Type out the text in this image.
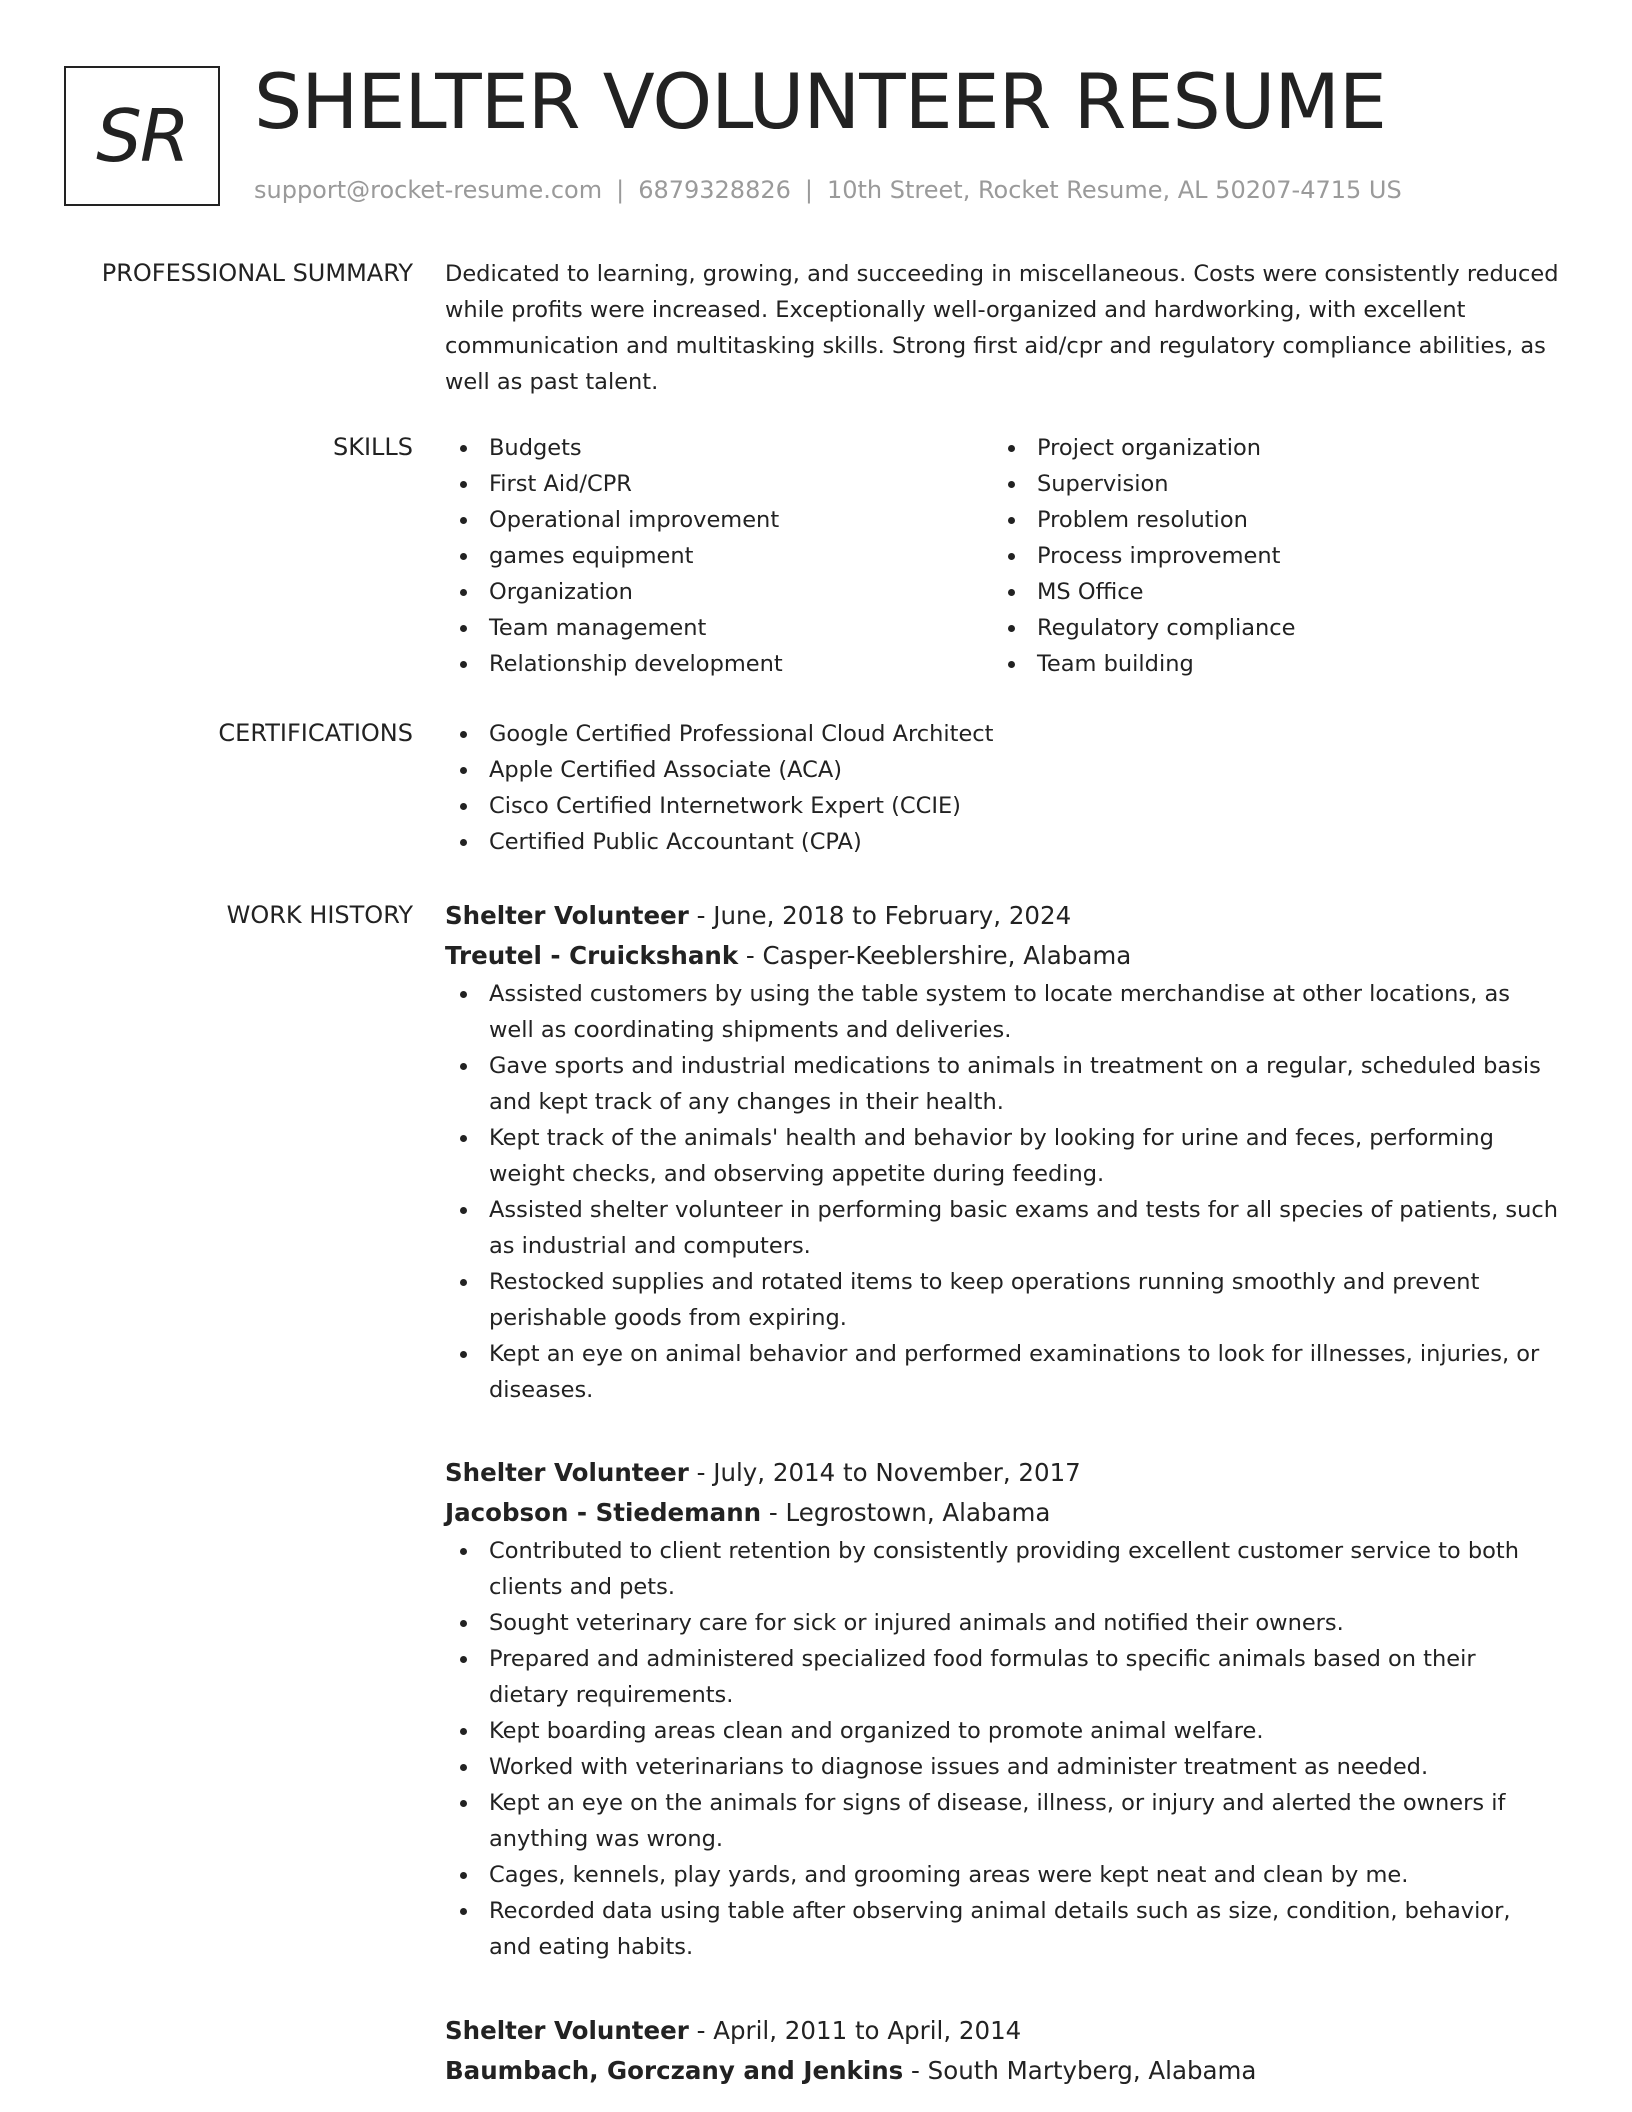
SR SHELTER VOLUNTEER RESUME
support@rocket-resume.com | 6879328826 | 10th Street, Rocket Resume, AL 50207-4715 US
PROFESSIONAL SUMMARY Dedicated to learning, growing, and succeeding in miscellaneous. Costs were consistently reduced while profits were increased. Exceptionally well-organized and hardworking, with excellent communication and multitasking skills. Strong first aid/cpr and regulatory compliance abilities, as well as past talent.

SKILLS	Budgets
First Aid/CPR
Operational improvement
games equipment
Organization
Team management
Relationship development
Project organization
Supervision
Problem resolution
Process improvement
MS Office
Regulatory compliance
Team building
CERTIFICATIONS	Google Certified Professional Cloud Architect
Apple Certified Associate (ACA)
Cisco Certified Internetwork Expert (CCIE)
Certified Public Accountant (CPA)
WORK HISTORY Shelter Volunteer - June, 2018 to February, 2024
Treutel - Cruickshank - Casper-Keeblershire, Alabama
Assisted customers by using the table system to locate merchandise at other locations, as well as coordinating shipments and deliveries.
Gave sports and industrial medications to animals in treatment on a regular, scheduled basis and kept track of any changes in their health.
Kept track of the animals' health and behavior by looking for urine and feces, performing weight checks, and observing appetite during feeding.
Assisted shelter volunteer in performing basic exams and tests for all species of patients, such as industrial and computers.
Restocked supplies and rotated items to keep operations running smoothly and prevent perishable goods from expiring.
Kept an eye on animal behavior and performed examinations to look for illnesses, injuries, or diseases.
Shelter Volunteer - July, 2014 to November, 2017
Jacobson - Stiedemann - Legrostown, Alabama
Contributed to client retention by consistently providing excellent customer service to both clients and pets.
Sought veterinary care for sick or injured animals and notified their owners.
Prepared and administered specialized food formulas to specific animals based on their dietary requirements.
Kept boarding areas clean and organized to promote animal welfare.
Worked with veterinarians to diagnose issues and administer treatment as needed.
Kept an eye on the animals for signs of disease, illness, or injury and alerted the owners if anything was wrong.
Cages, kennels, play yards, and grooming areas were kept neat and clean by me.
Recorded data using table after observing animal details such as size, condition, behavior, and eating habits.
Shelter Volunteer - April, 2011 to April, 2014
Baumbach, Gorczany and Jenkins - South Martyberg, Alabama
